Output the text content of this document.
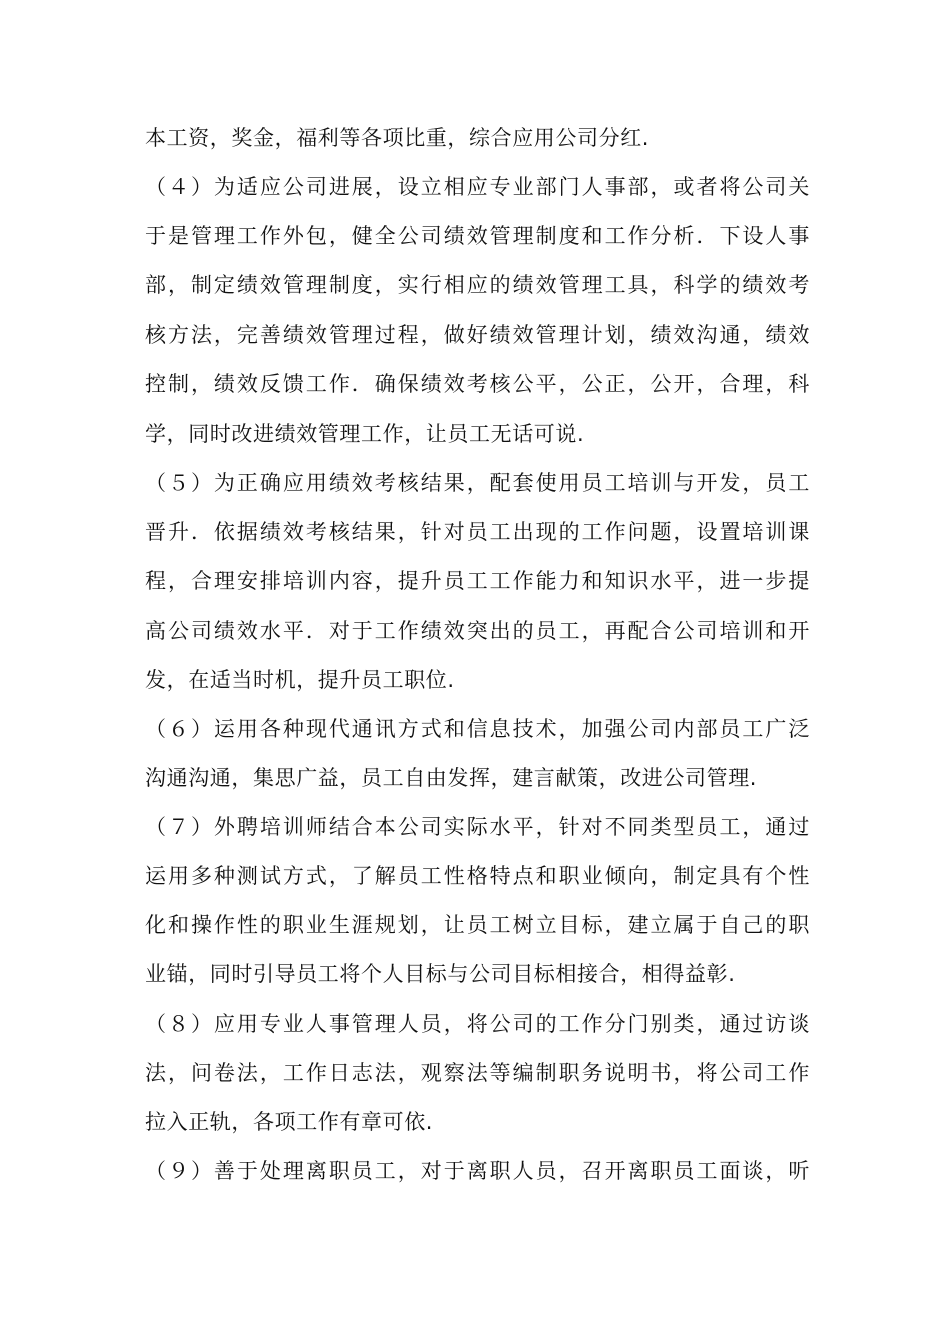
本工资，奖金，福利等各项比重，综合应用公司分红.
（４）为适应公司进展，设立相应专业部门人事部，或者将公司关
于是管理工作外包，健全公司绩效管理制度和工作分析．下设人事
部，制定绩效管理制度，实行相应的绩效管理工具，科学的绩效考
核方法，完善绩效管理过程，做好绩效管理计划，绩效沟通，绩效
控制，绩效反馈工作．确保绩效考核公平，公正，公开，合理，科
学，同时改进绩效管理工作，让员工无话可说.
（５）为正确应用绩效考核结果，配套使用员工培训与开发，员工
晋升．依据绩效考核结果，针对员工出现的工作问题，设置培训课
程，合理安排培训内容，提升员工工作能力和知识水平，进一步提
高公司绩效水平．对于工作绩效突出的员工，再配合公司培训和开
发，在适当时机，提升员工职位.
（６）运用各种现代通讯方式和信息技术，加强公司内部员工广泛
沟通沟通，集思广益，员工自由发挥，建言献策，改进公司管理.
（７）外聘培训师结合本公司实际水平，针对不同类型员工，通过
运用多种测试方式，了解员工性格特点和职业倾向，制定具有个性
化和操作性的职业生涯规划，让员工树立目标，建立属于自己的职
业锚，同时引导员工将个人目标与公司目标相接合，相得益彰.
（８）应用专业人事管理人员，将公司的工作分门别类，通过访谈
法，问卷法，工作日志法，观察法等编制职务说明书，将公司工作
拉入正轨，各项工作有章可依.
（９）善于处理离职员工，对于离职人员，召开离职员工面谈，听
